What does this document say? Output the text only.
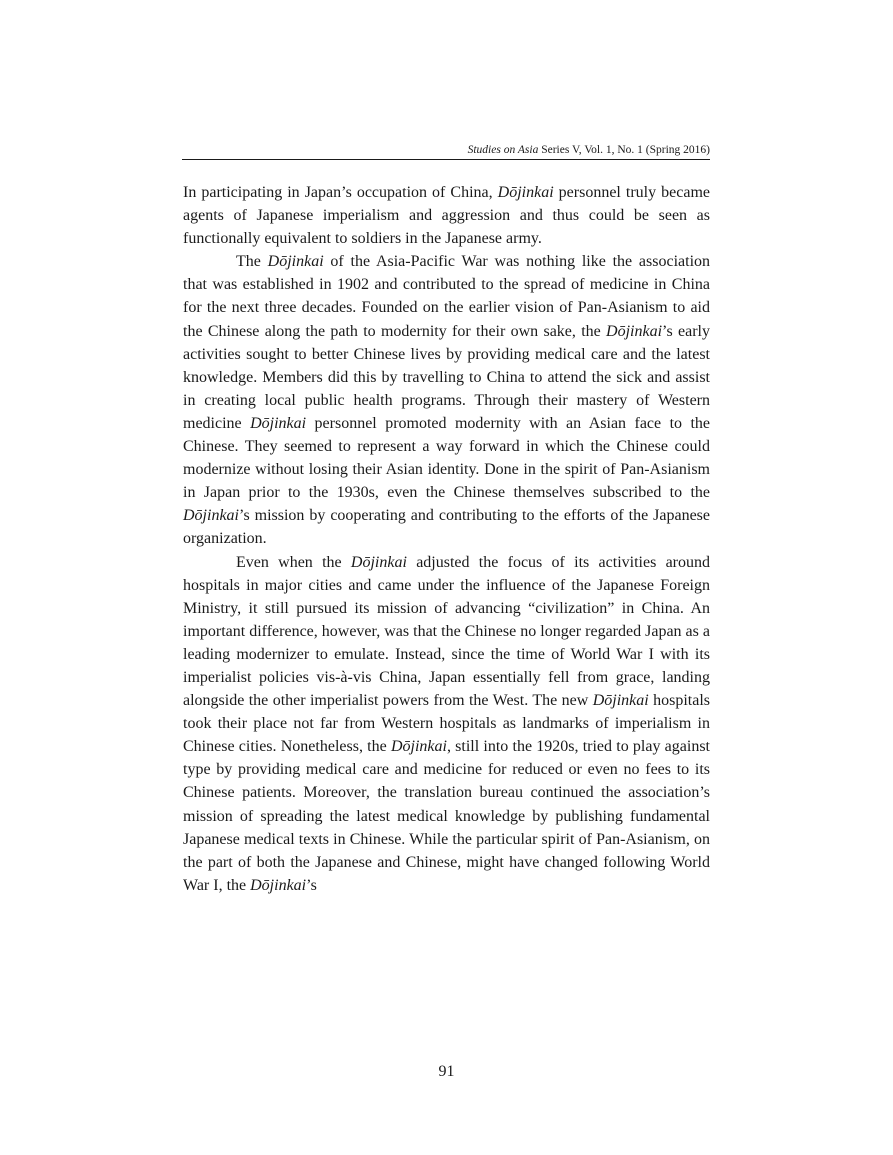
Studies on Asia Series V, Vol. 1, No. 1 (Spring 2016)

In participating in Japan’s occupation of China, Dōjinkai personnel truly became agents of Japanese imperialism and aggression and thus could be seen as functionally equivalent to soldiers in the Japanese army.

The Dōjinkai of the Asia-Pacific War was nothing like the association that was established in 1902 and contributed to the spread of medicine in China for the next three decades. Founded on the earlier vision of Pan-Asianism to aid the Chinese along the path to modernity for their own sake, the Dōjinkai’s early activities sought to better Chinese lives by providing medical care and the latest knowledge. Members did this by travelling to China to attend the sick and assist in creating local public health programs. Through their mastery of Western medicine Dōjinkai personnel promoted modernity with an Asian face to the Chinese. They seemed to represent a way forward in which the Chinese could modernize without losing their Asian identity. Done in the spirit of Pan-Asianism in Japan prior to the 1930s, even the Chinese themselves subscribed to the Dōjinkai’s mission by cooperating and contributing to the efforts of the Japanese organization.

Even when the Dōjinkai adjusted the focus of its activities around hospitals in major cities and came under the influence of the Japanese Foreign Ministry, it still pursued its mission of advancing “civilization” in China. An important difference, however, was that the Chinese no longer regarded Japan as a leading modernizer to emulate. Instead, since the time of World War I with its imperialist policies vis-à-vis China, Japan essentially fell from grace, landing alongside the other imperialist powers from the West. The new Dōjinkai hospitals took their place not far from Western hospitals as landmarks of imperialism in Chinese cities. Nonetheless, the Dōjinkai, still into the 1920s, tried to play against type by providing medical care and medicine for reduced or even no fees to its Chinese patients. Moreover, the translation bureau continued the association’s mission of spreading the latest medical knowledge by publishing fundamental Japanese medical texts in Chinese. While the particular spirit of Pan-Asianism, on the part of both the Japanese and Chinese, might have changed following World War I, the Dōjinkai’s

91
